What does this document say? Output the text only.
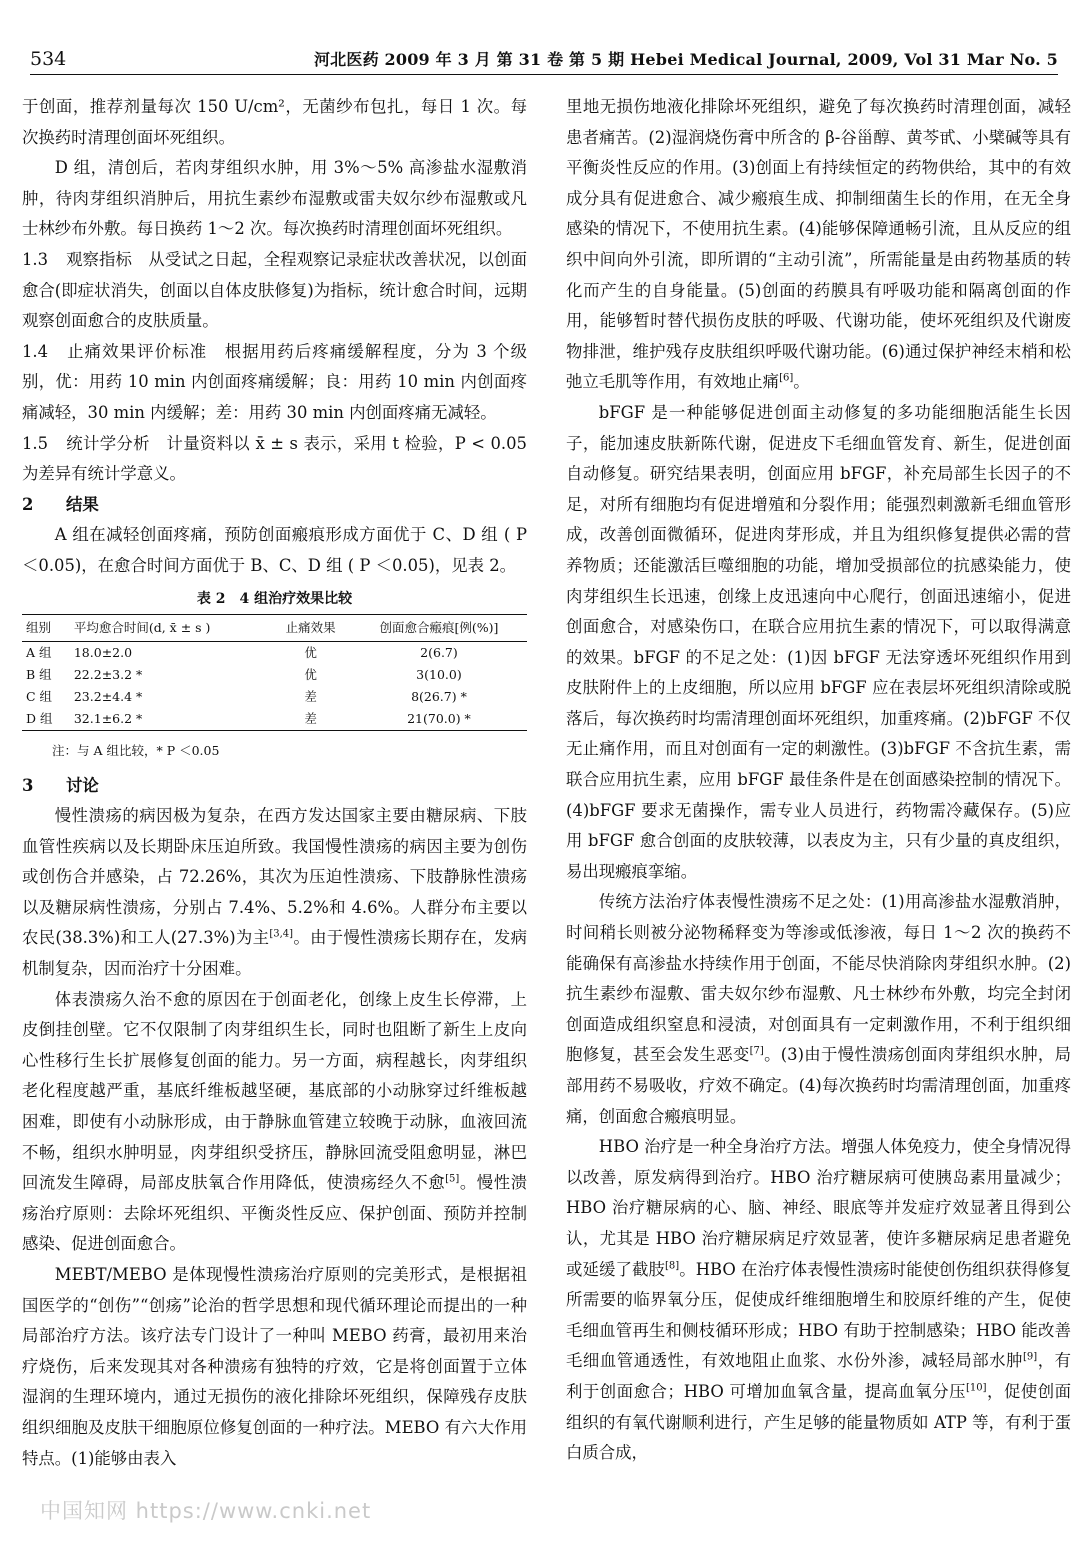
534	河北医药 2009 年 3 月 第 31 卷 第 5 期 Hebei Medical Journal, 2009, Vol 31 Mar No. 5

于创面，推荐剂量每次 150 U/cm²，无菌纱布包扎，每日 1 次。每次换药时清理创面坏死组织。

D 组，清创后，若肉芽组织水肿，用 3%～5% 高渗盐水湿敷消肿，待肉芽组织消肿后，用抗生素纱布湿敷或雷夫奴尔纱布湿敷或凡士林纱布外敷。每日换药 1～2 次。每次换药时清理创面坏死组织。

1.3 观察指标　从受试之日起，全程观察记录症状改善状况，以创面愈合(即症状消失，创面以自体皮肤修复)为指标，统计愈合时间，远期观察创面愈合的皮肤质量。

1.4 止痛效果评价标准　根据用药后疼痛缓解程度，分为 3 个级别，优：用药 10 min 内创面疼痛缓解；良：用药 10 min 内创面疼痛减轻，30 min 内缓解；差：用药 30 min 内创面疼痛无减轻。

1.5 统计学分析　计量资料以 x̄ ± s 表示，采用 t 检验，P < 0.05 为差异有统计学意义。

2 结果

A 组在减轻创面疼痛，预防创面瘢痕形成方面优于 C、D 组 ( P ＜0.05)，在愈合时间方面优于 B、C、D 组 ( P ＜0.05)，见表 2。

表 2　4 组治疗效果比较
组别	平均愈合时间(d, x̄ ± s )	止痛效果	创面愈合瘢痕[例(%)]
A 组	18.0±2.0	优	2(6.7)
B 组	22.2±3.2 *	优	3(10.0)
C 组	23.2±4.4 *	差	8(26.7) *
D 组	32.1±6.2 *	差	21(70.0) *
注：与 A 组比较，* P ＜0.05

3 讨论

慢性溃疡的病因极为复杂，在西方发达国家主要由糖尿病、下肢血管性疾病以及长期卧床压迫所致。我国慢性溃疡的病因主要为创伤或创伤合并感染，占 72.26%，其次为压迫性溃疡、下肢静脉性溃疡以及糖尿病性溃疡，分别占 7.4%、5.2%和 4.6%。人群分布主要以农民(38.3%)和工人(27.3%)为主[3,4]。由于慢性溃疡长期存在，发病机制复杂，因而治疗十分困难。

体表溃疡久治不愈的原因在于创面老化，创缘上皮生长停滞，上皮倒挂创壁。它不仅限制了肉芽组织生长，同时也阻断了新生上皮向心性移行生长扩展修复创面的能力。另一方面，病程越长，肉芽组织老化程度越严重，基底纤维板越坚硬，基底部的小动脉穿过纤维板越困难，即使有小动脉形成，由于静脉血管建立较晚于动脉，血液回流不畅，组织水肿明显，肉芽组织受挤压，静脉回流受阻愈明显，淋巴回流发生障碍，局部皮肤氧合作用降低，使溃疡经久不愈[5]。慢性溃疡治疗原则：去除坏死组织、平衡炎性反应、保护创面、预防并控制感染、促进创面愈合。

MEBT/MEBO 是体现慢性溃疡治疗原则的完美形式，是根据祖国医学的“创伤”“创疡”论治的哲学思想和现代循环理论而提出的一种局部治疗方法。该疗法专门设计了一种叫 MEBO 药膏，最初用来治疗烧伤，后来发现其对各种溃疡有独特的疗效，它是将创面置于立体湿润的生理环境内，通过无损伤的液化排除坏死组织，保障残存皮肤组织细胞及皮肤干细胞原位修复创面的一种疗法。MEBO 有六大作用特点。(1)能够由表入

里地无损伤地液化排除坏死组织，避免了每次换药时清理创面，减轻患者痛苦。(2)湿润烧伤膏中所含的 β-谷甾醇、黄芩甙、小檗碱等具有平衡炎性反应的作用。(3)创面上有持续恒定的药物供给，其中的有效成分具有促进愈合、减少瘢痕生成、抑制细菌生长的作用，在无全身感染的情况下，不使用抗生素。(4)能够保障通畅引流，且从反应的组织中间向外引流，即所谓的“主动引流”，所需能量是由药物基质的转化而产生的自身能量。(5)创面的药膜具有呼吸功能和隔离创面的作用，能够暂时替代损伤皮肤的呼吸、代谢功能，使坏死组织及代谢废物排泄，维护残存皮肤组织呼吸代谢功能。(6)通过保护神经末梢和松弛立毛肌等作用，有效地止痛[6]。

bFGF 是一种能够促进创面主动修复的多功能细胞活能生长因子，能加速皮肤新陈代谢，促进皮下毛细血管发育、新生，促进创面自动修复。研究结果表明，创面应用 bFGF，补充局部生长因子的不足，对所有细胞均有促进增殖和分裂作用；能强烈刺激新毛细血管形成，改善创面微循环，促进肉芽形成，并且为组织修复提供必需的营养物质；还能激活巨噬细胞的功能，增加受损部位的抗感染能力，使肉芽组织生长迅速，创缘上皮迅速向中心爬行，创面迅速缩小，促进创面愈合，对感染伤口，在联合应用抗生素的情况下，可以取得满意的效果。bFGF 的不足之处：(1)因 bFGF 无法穿透坏死组织作用到皮肤附件上的上皮细胞，所以应用 bFGF 应在表层坏死组织清除或脱落后，每次换药时均需清理创面坏死组织，加重疼痛。(2)bFGF 不仅无止痛作用，而且对创面有一定的刺激性。(3)bFGF 不含抗生素，需联合应用抗生素，应用 bFGF 最佳条件是在创面感染控制的情况下。(4)bFGF 要求无菌操作，需专业人员进行，药物需冷藏保存。(5)应用 bFGF 愈合创面的皮肤较薄，以表皮为主，只有少量的真皮组织，易出现瘢痕挛缩。

传统方法治疗体表慢性溃疡不足之处：(1)用高渗盐水湿敷消肿，时间稍长则被分泌物稀释变为等渗或低渗液，每日 1～2 次的换药不能确保有高渗盐水持续作用于创面，不能尽快消除肉芽组织水肿。(2)抗生素纱布湿敷、雷夫奴尔纱布湿敷、凡士林纱布外敷，均完全封闭创面造成组织窒息和浸渍，对创面具有一定刺激作用，不利于组织细胞修复，甚至会发生恶变[7]。(3)由于慢性溃疡创面肉芽组织水肿，局部用药不易吸收，疗效不确定。(4)每次换药时均需清理创面，加重疼痛，创面愈合瘢痕明显。

HBO 治疗是一种全身治疗方法。增强人体免疫力，使全身情况得以改善，原发病得到治疗。HBO 治疗糖尿病可使胰岛素用量减少；HBO 治疗糖尿病的心、脑、神经、眼底等并发症疗效显著且得到公认，尤其是 HBO 治疗糖尿病足疗效显著，使许多糖尿病足患者避免或延缓了截肢[8]。HBO 在治疗体表慢性溃疡时能使创伤组织获得修复所需要的临界氧分压，促使成纤维细胞增生和胶原纤维的产生，促使毛细血管再生和侧枝循环形成；HBO 有助于控制感染；HBO 能改善毛细血管通透性，有效地阻止血浆、水份外渗，减轻局部水肿[9]，有利于创面愈合；HBO 可增加血氧含量，提高血氧分压[10]，促使创面组织的有氧代谢顺利进行，产生足够的能量物质如 ATP 等，有利于蛋白质合成，

中国知网 https://www.cnki.net
